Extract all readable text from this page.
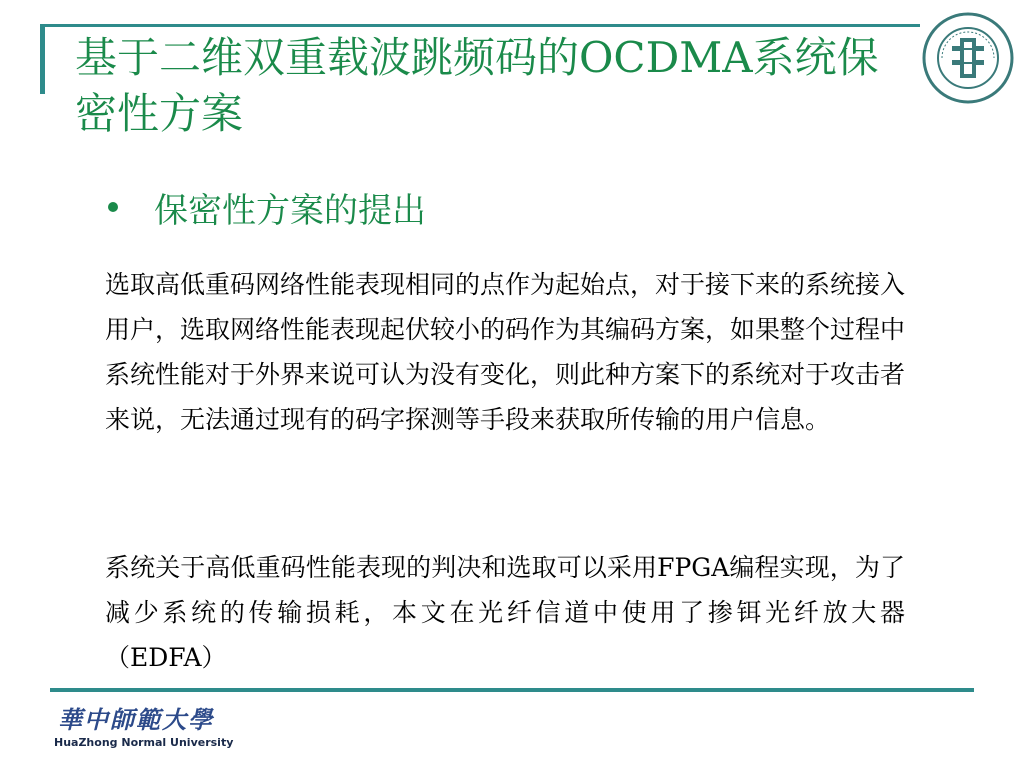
基于二维双重载波跳频码的OCDMA系统保密性方案
保密性方案的提出
选取高低重码网络性能表现相同的点作为起始点，对于接下来的系统接入用户，选取网络性能表现起伏较小的码作为其编码方案，如果整个过程中系统性能对于外界来说可认为没有变化，则此种方案下的系统对于攻击者来说，无法通过现有的码字探测等手段来获取所传输的用户信息。
系统关于高低重码性能表现的判决和选取可以采用FPGA编程实现，为了减少系统的传输损耗，本文在光纤信道中使用了掺铒光纤放大器（EDFA）
華中師範大學
HuaZhong Normal University
